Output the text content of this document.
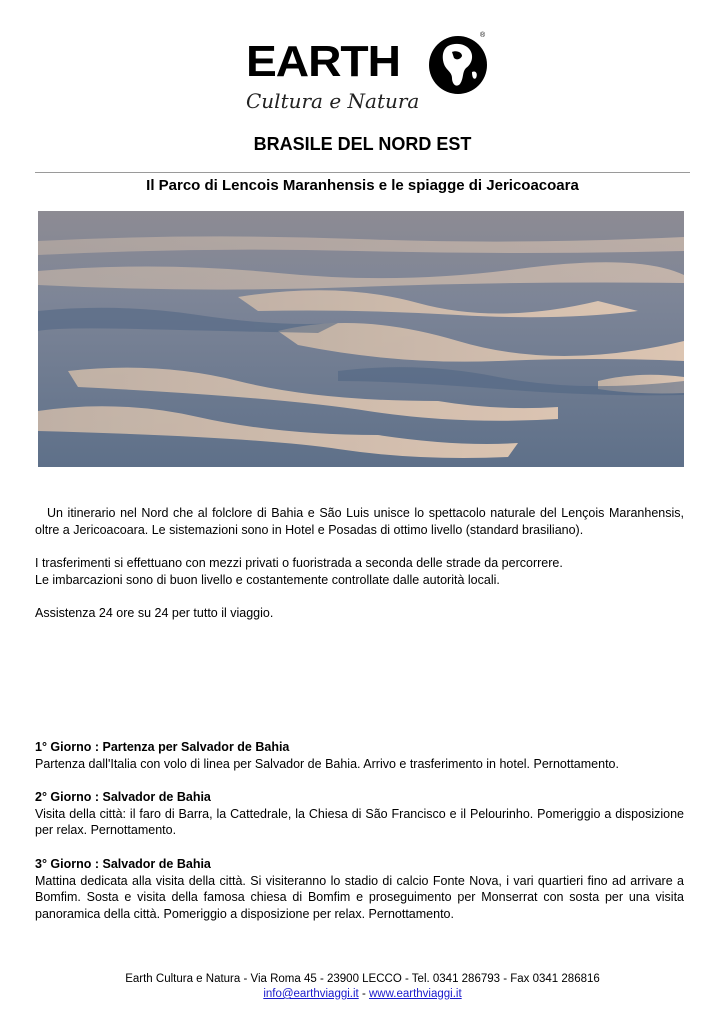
EARTH
®
Cultura e Natura
BRASILE DEL NORD EST
Il Parco di Lencois Maranhensis e le spiagge di Jericoacoara

Un itinerario nel Nord che al folclore di Bahia e São Luis unisce lo spettacolo naturale del Lençois Maranhensis, oltre a Jericoacoara. Le sistemazioni sono in Hotel e Posadas di ottimo livello (standard brasiliano).

I trasferimenti si effettuano con mezzi privati o fuoristrada a seconda delle strade da percorrere.

Le imbarcazioni sono di buon livello e costantemente controllate dalle autorità locali.

Assistenza 24 ore su 24 per tutto il viaggio.

1° Giorno : Partenza per Salvador de Bahia

Partenza dall'Italia con volo di linea per Salvador de Bahia. Arrivo e trasferimento in hotel. Pernottamento.

2° Giorno : Salvador de Bahia

Visita della città: il faro di Barra, la Cattedrale, la Chiesa di São Francisco e il Pelourinho. Pomeriggio a disposizione per relax. Pernottamento.

3° Giorno : Salvador de Bahia

Mattina dedicata alla visita della città. Si visiteranno lo stadio di calcio Fonte Nova, i vari quartieri fino ad arrivare a Bomfim. Sosta e visita della famosa chiesa di Bomfim e proseguimento per Monserrat con sosta per una visita panoramica della città. Pomeriggio a disposizione per relax. Pernottamento.

Earth Cultura e Natura - Via Roma 45 - 23900 LECCO - Tel. 0341 286793 - Fax 0341 286816
info@earthviaggi.it - www.earthviaggi.it
